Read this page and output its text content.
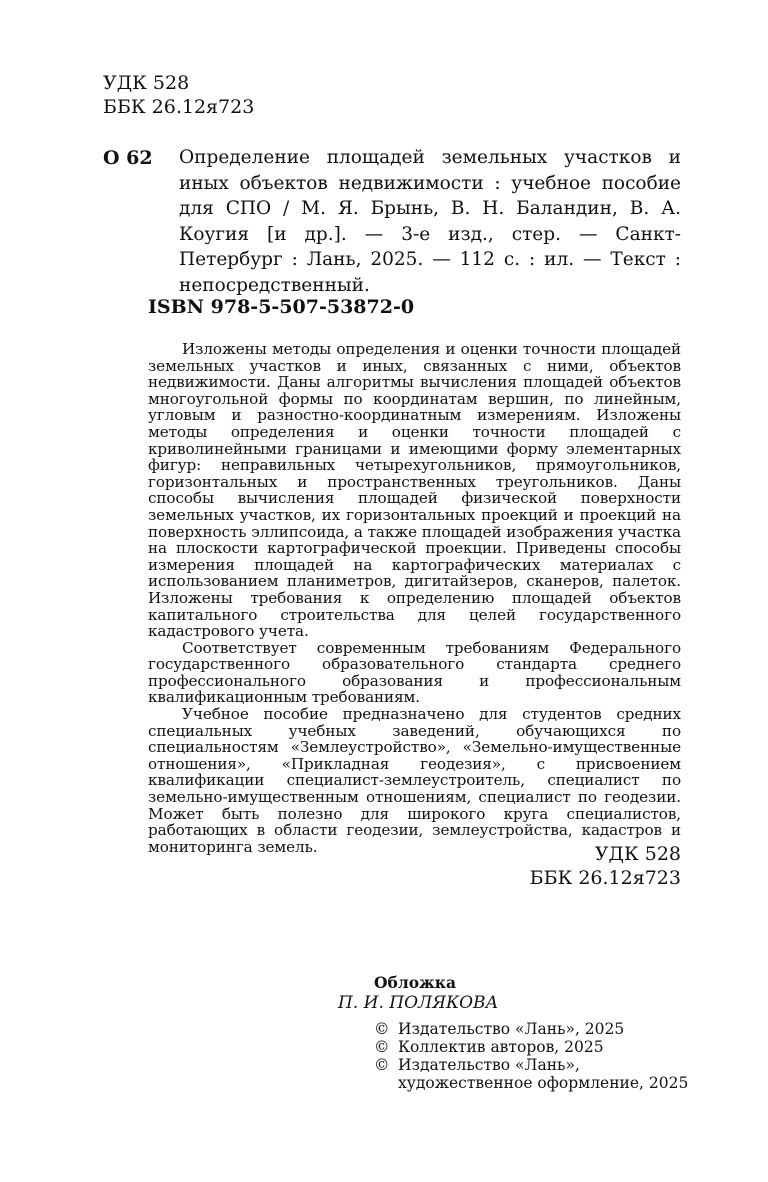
УДК 528
ББК 26.12я723
О 62 Определение площадей земельных участков и иных объектов недвижимости : учебное пособие для СПО / М. Я. Брынь, В. Н. Баландин, В. А. Коугия [и др.]. — 3-е изд., стер. — Санкт-Петербург : Лань, 2025. — 112 с. : ил. — Текст : непосредственный.
ISBN 978-5-507-53872-0

Изложены методы определения и оценки точности площадей земельных участков и иных, связанных с ними, объектов недвижимости. Даны алгоритмы вычисления площадей объектов многоугольной формы по координатам вершин, по линейным, угловым и разностно-координатным измерениям. Изложены методы определения и оценки точности площадей с криволинейными границами и имеющими форму элементарных фигур: неправильных четырехугольников, прямоугольников, горизонтальных и пространственных треугольников. Даны способы вычисления площадей физической поверхности земельных участков, их горизонтальных проекций и проекций на поверхность эллипсоида, а также площадей изображения участка на плоскости картографической проекции. Приведены способы измерения площадей на картографических материалах с использованием планиметров, дигитайзеров, сканеров, палеток. Изложены требования к определению площадей объектов капитального строительства для целей государственного кадастрового учета.

Соответствует современным требованиям Федерального государственного образовательного стандарта среднего профессионального образования и профессиональным квалификационным требованиям.

Учебное пособие предназначено для студентов средних специальных учебных заведений, обучающихся по специальностям «Землеустройство», «Земельно-имущественные отношения», «Прикладная геодезия», с присвоением квалификации специалист-землеустроитель, специалист по земельно-имущественным отношениям, специалист по геодезии. Может быть полезно для широкого круга специалистов, работающих в области геодезии, землеустройства, кадастров и мониторинга земель.	УДК 528
ББК 26.12я723
Обложка
П. И. ПОЛЯКОВА
© Издательство «Лань», 2025
© Коллектив авторов, 2025
© Издательство «Лань»,
художественное оформление, 2025
